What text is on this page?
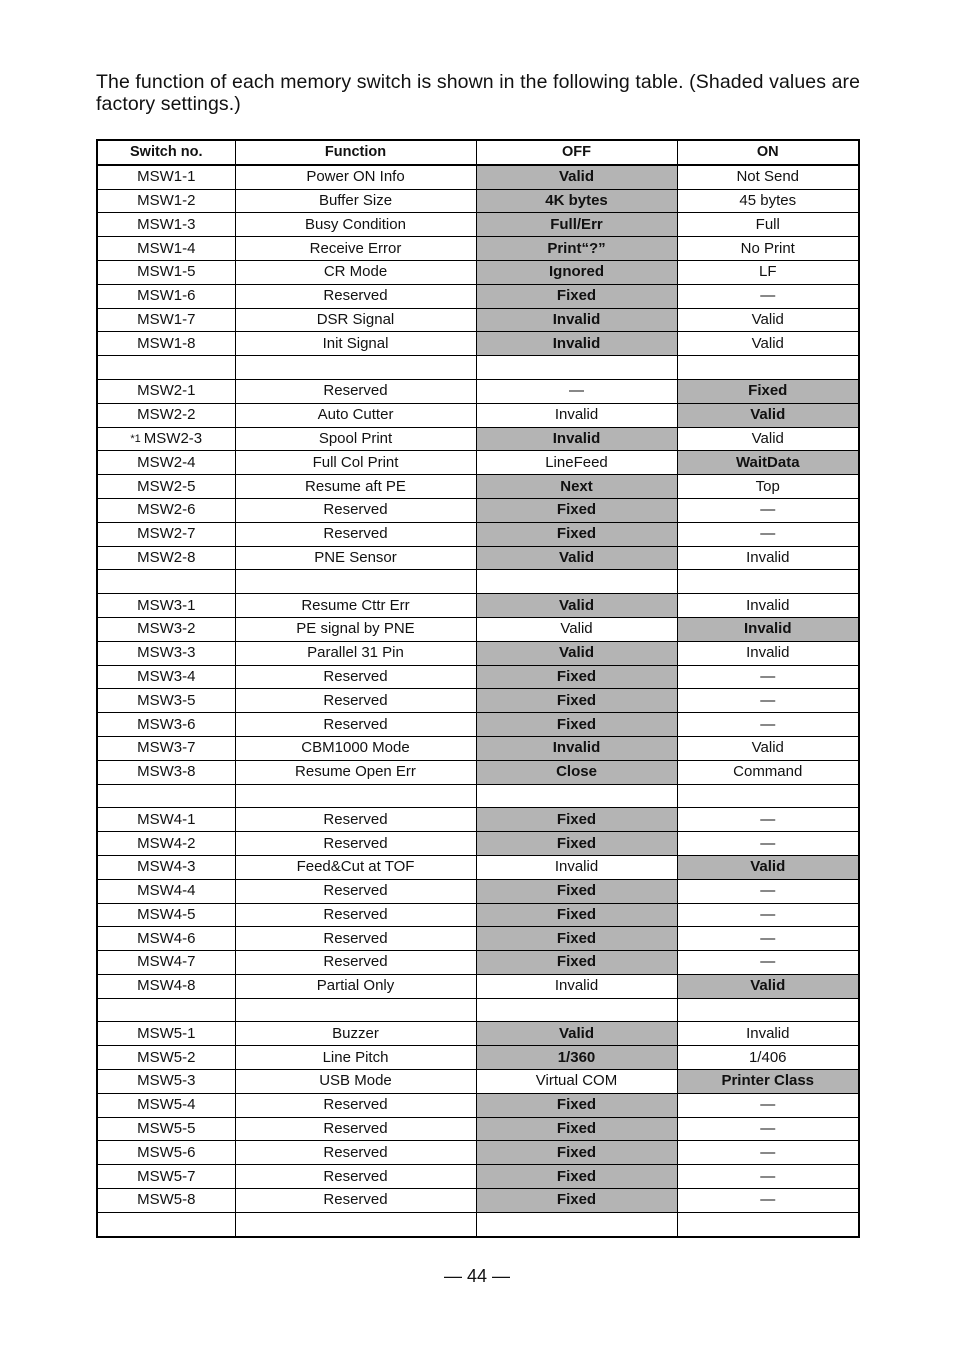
The function of each memory switch is shown in the following table. (Shaded values are factory settings.)

Switch no.	Function	OFF	ON
MSW1-1	Power ON Info	Valid	Not Send
MSW1-2	Buffer Size	4K bytes	45 bytes
MSW1-3	Busy Condition	Full/Err	Full
MSW1-4	Receive Error	Print“?”	No Print
MSW1-5	CR Mode	Ignored	LF
MSW1-6	Reserved	Fixed	—
MSW1-7	DSR Signal	Invalid	Valid
MSW1-8	Init Signal	Invalid	Valid

MSW2-1	Reserved	—	Fixed
MSW2-2	Auto Cutter	Invalid	Valid
*1 MSW2-3	Spool Print	Invalid	Valid
MSW2-4	Full Col Print	LineFeed	WaitData
MSW2-5	Resume aft PE	Next	Top
MSW2-6	Reserved	Fixed	—
MSW2-7	Reserved	Fixed	—
MSW2-8	PNE Sensor	Valid	Invalid

MSW3-1	Resume Cttr Err	Valid	Invalid
MSW3-2	PE signal by PNE	Valid	Invalid
MSW3-3	Parallel 31 Pin	Valid	Invalid
MSW3-4	Reserved	Fixed	—
MSW3-5	Reserved	Fixed	—
MSW3-6	Reserved	Fixed	—
MSW3-7	CBM1000 Mode	Invalid	Valid
MSW3-8	Resume Open Err	Close	Command

MSW4-1	Reserved	Fixed	—
MSW4-2	Reserved	Fixed	—
MSW4-3	Feed&Cut at TOF	Invalid	Valid
MSW4-4	Reserved	Fixed	—
MSW4-5	Reserved	Fixed	—
MSW4-6	Reserved	Fixed	—
MSW4-7	Reserved	Fixed	—
MSW4-8	Partial Only	Invalid	Valid

MSW5-1	Buzzer	Valid	Invalid
MSW5-2	Line Pitch	1/360	1/406
MSW5-3	USB Mode	Virtual COM	Printer Class
MSW5-4	Reserved	Fixed	—
MSW5-5	Reserved	Fixed	—
MSW5-6	Reserved	Fixed	—
MSW5-7	Reserved	Fixed	—
MSW5-8	Reserved	Fixed	—

— 44 —
